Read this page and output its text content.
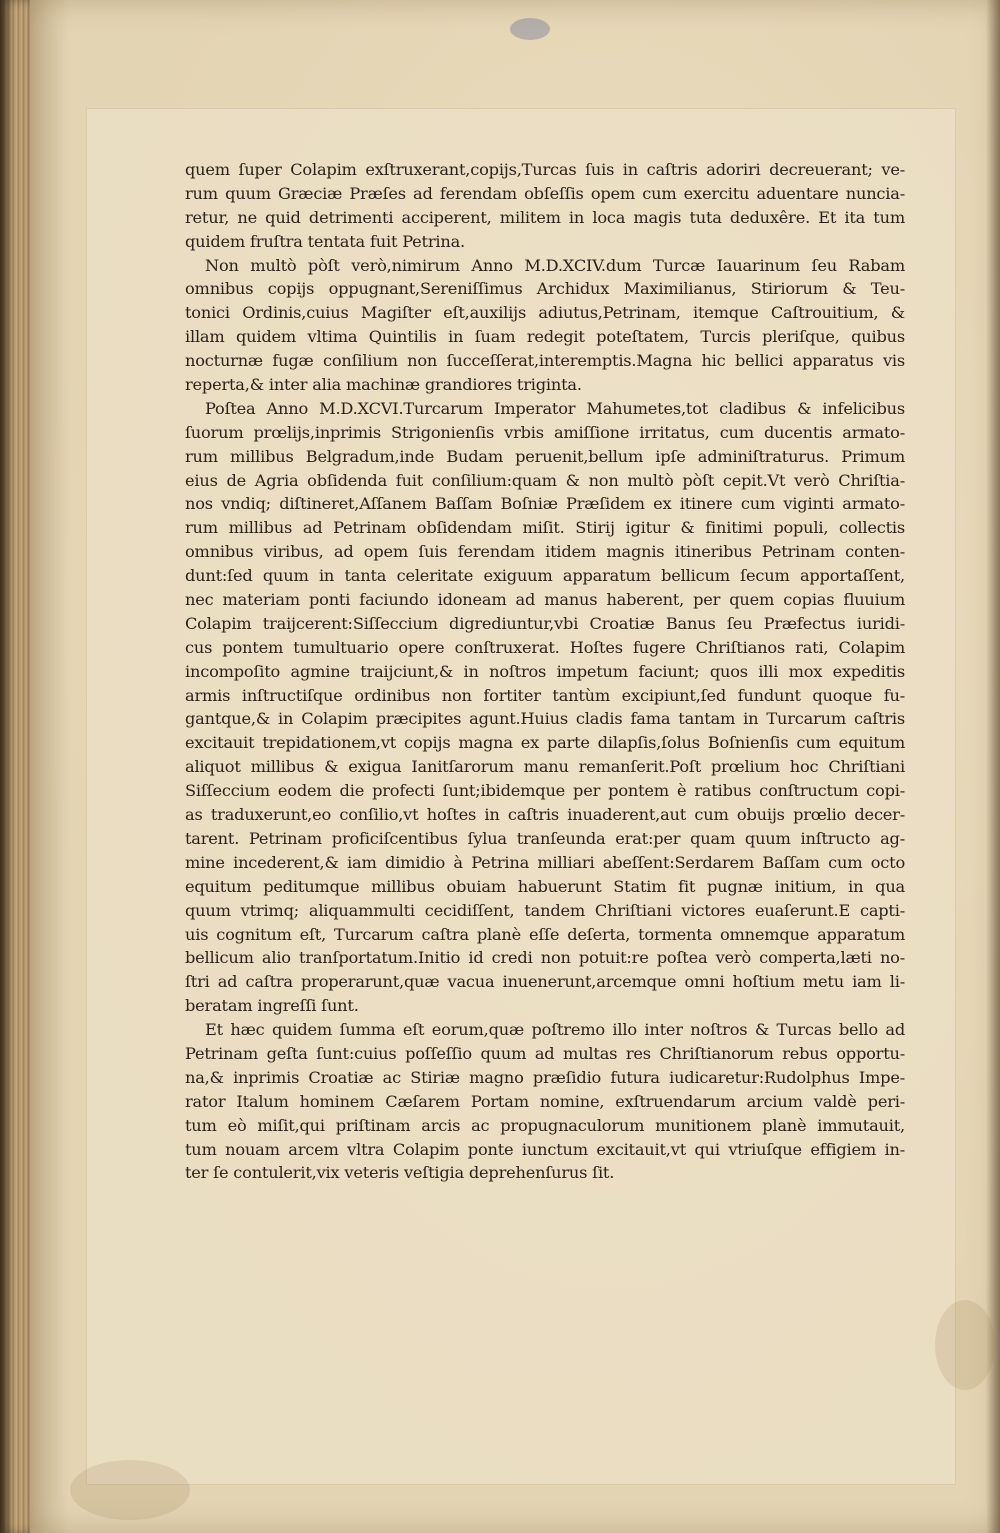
quem ſuper Colapim exſtruxerant,copijs,Turcas ſuis in caſtris adoriri decreuerant; ve-
rum quum Græciæ Præſes ad ferendam obſeſſis opem cum exercitu aduentare nuncia-
retur, ne quid detrimenti acciperent, militem in loca magis tuta deduxêre. Et ita tum
quidem fruſtra tentata fuit Petrina.
Non multò pòſt verò,nimirum Anno M.D.XCIV.dum Turcæ Iauarinum ſeu Rabam
omnibus copijs oppugnant,Sereniſſimus Archidux Maximilianus, Stiriorum & Teu-
tonici Ordinis,cuius Magiſter eſt,auxilijs adiutus,Petrinam, itemque Caſtrouitium, &
illam quidem vltima Quintilis in ſuam redegit poteſtatem, Turcis pleriſque, quibus
nocturnæ fugæ conſilium non ſucceſſerat,interemptis.Magna hic bellici apparatus vis
reperta,& inter alia machinæ grandiores triginta.
Poſtea Anno M.D.XCVI.Turcarum Imperator Mahumetes,tot cladibus & infelicibus
ſuorum prœlijs,inprimis Strigonienſis vrbis amiſſione irritatus, cum ducentis armato-
rum millibus Belgradum,inde Budam peruenit,bellum ipſe adminiſtraturus. Primum
eius de Agria obſidenda fuit conſilium:quam & non multò pòſt cepit.Vt verò Chriſtia-
nos vndiq; diſtineret,Aſſanem Baſſam Boſniæ Præſidem ex itinere cum viginti armato-
rum millibus ad Petrinam obſidendam miſit. Stirij igitur & finitimi populi, collectis
omnibus viribus, ad opem ſuis ferendam itidem magnis itineribus Petrinam conten-
dunt:ſed quum in tanta celeritate exiguum apparatum bellicum ſecum apportaſſent,
nec materiam ponti faciundo idoneam ad manus haberent, per quem copias fluuium
Colapim traijcerent:Siſſeccium digrediuntur,vbi Croatiæ Banus ſeu Præfectus iuridi-
cus pontem tumultuario opere conſtruxerat. Hoſtes fugere Chriſtianos rati, Colapim
incompoſito agmine traijciunt,& in noſtros impetum faciunt; quos illi mox expeditis
armis inſtructiſque ordinibus non fortiter tantùm excipiunt,ſed fundunt quoque fu-
gantque,& in Colapim præcipites agunt.Huius cladis fama tantam in Turcarum caſtris
excitauit trepidationem,vt copijs magna ex parte dilapſis,ſolus Boſnienſis cum equitum
aliquot millibus & exigua Ianitſarorum manu remanſerit.Poſt prœlium hoc Chriſtiani
Siſſeccium eodem die profecti ſunt;ibidemque per pontem è ratibus conſtructum copi-
as traduxerunt,eo conſilio,vt hoſtes in caſtris inuaderent,aut cum obuijs prœlio decer-
tarent. Petrinam proficiſcentibus ſylua tranſeunda erat:per quam quum inſtructo ag-
mine incederent,& iam dimidio à Petrina milliari abeſſent:Serdarem Baſſam cum octo
equitum peditumque millibus obuiam habuerunt Statim fit pugnæ initium, in qua
quum vtrimq; aliquammulti cecidiſſent, tandem Chriſtiani victores euaſerunt.E capti-
uis cognitum eſt, Turcarum caſtra planè eſſe deſerta, tormenta omnemque apparatum
bellicum alio tranſportatum.Initio id credi non potuit:re poſtea verò comperta,læti no-
ſtri ad caſtra properarunt,quæ vacua inuenerunt,arcemque omni hoſtium metu iam li-
beratam ingreſſi ſunt.
Et hæc quidem ſumma eſt eorum,quæ poſtremo illo inter noſtros & Turcas bello ad
Petrinam geſta ſunt:cuius poſſeſſio quum ad multas res Chriſtianorum rebus opportu-
na,& inprimis Croatiæ ac Stiriæ magno præſidio futura iudicaretur:Rudolphus Impe-
rator Italum hominem Cæſarem Portam nomine, exſtruendarum arcium valdè peri-
tum eò miſit,qui priſtinam arcis ac propugnaculorum munitionem planè immutauit,
tum nouam arcem vltra Colapim ponte iunctum excitauit,vt qui vtriuſque effigiem in-
ter ſe contulerit,vix veteris veſtigia deprehenſurus ſit.
